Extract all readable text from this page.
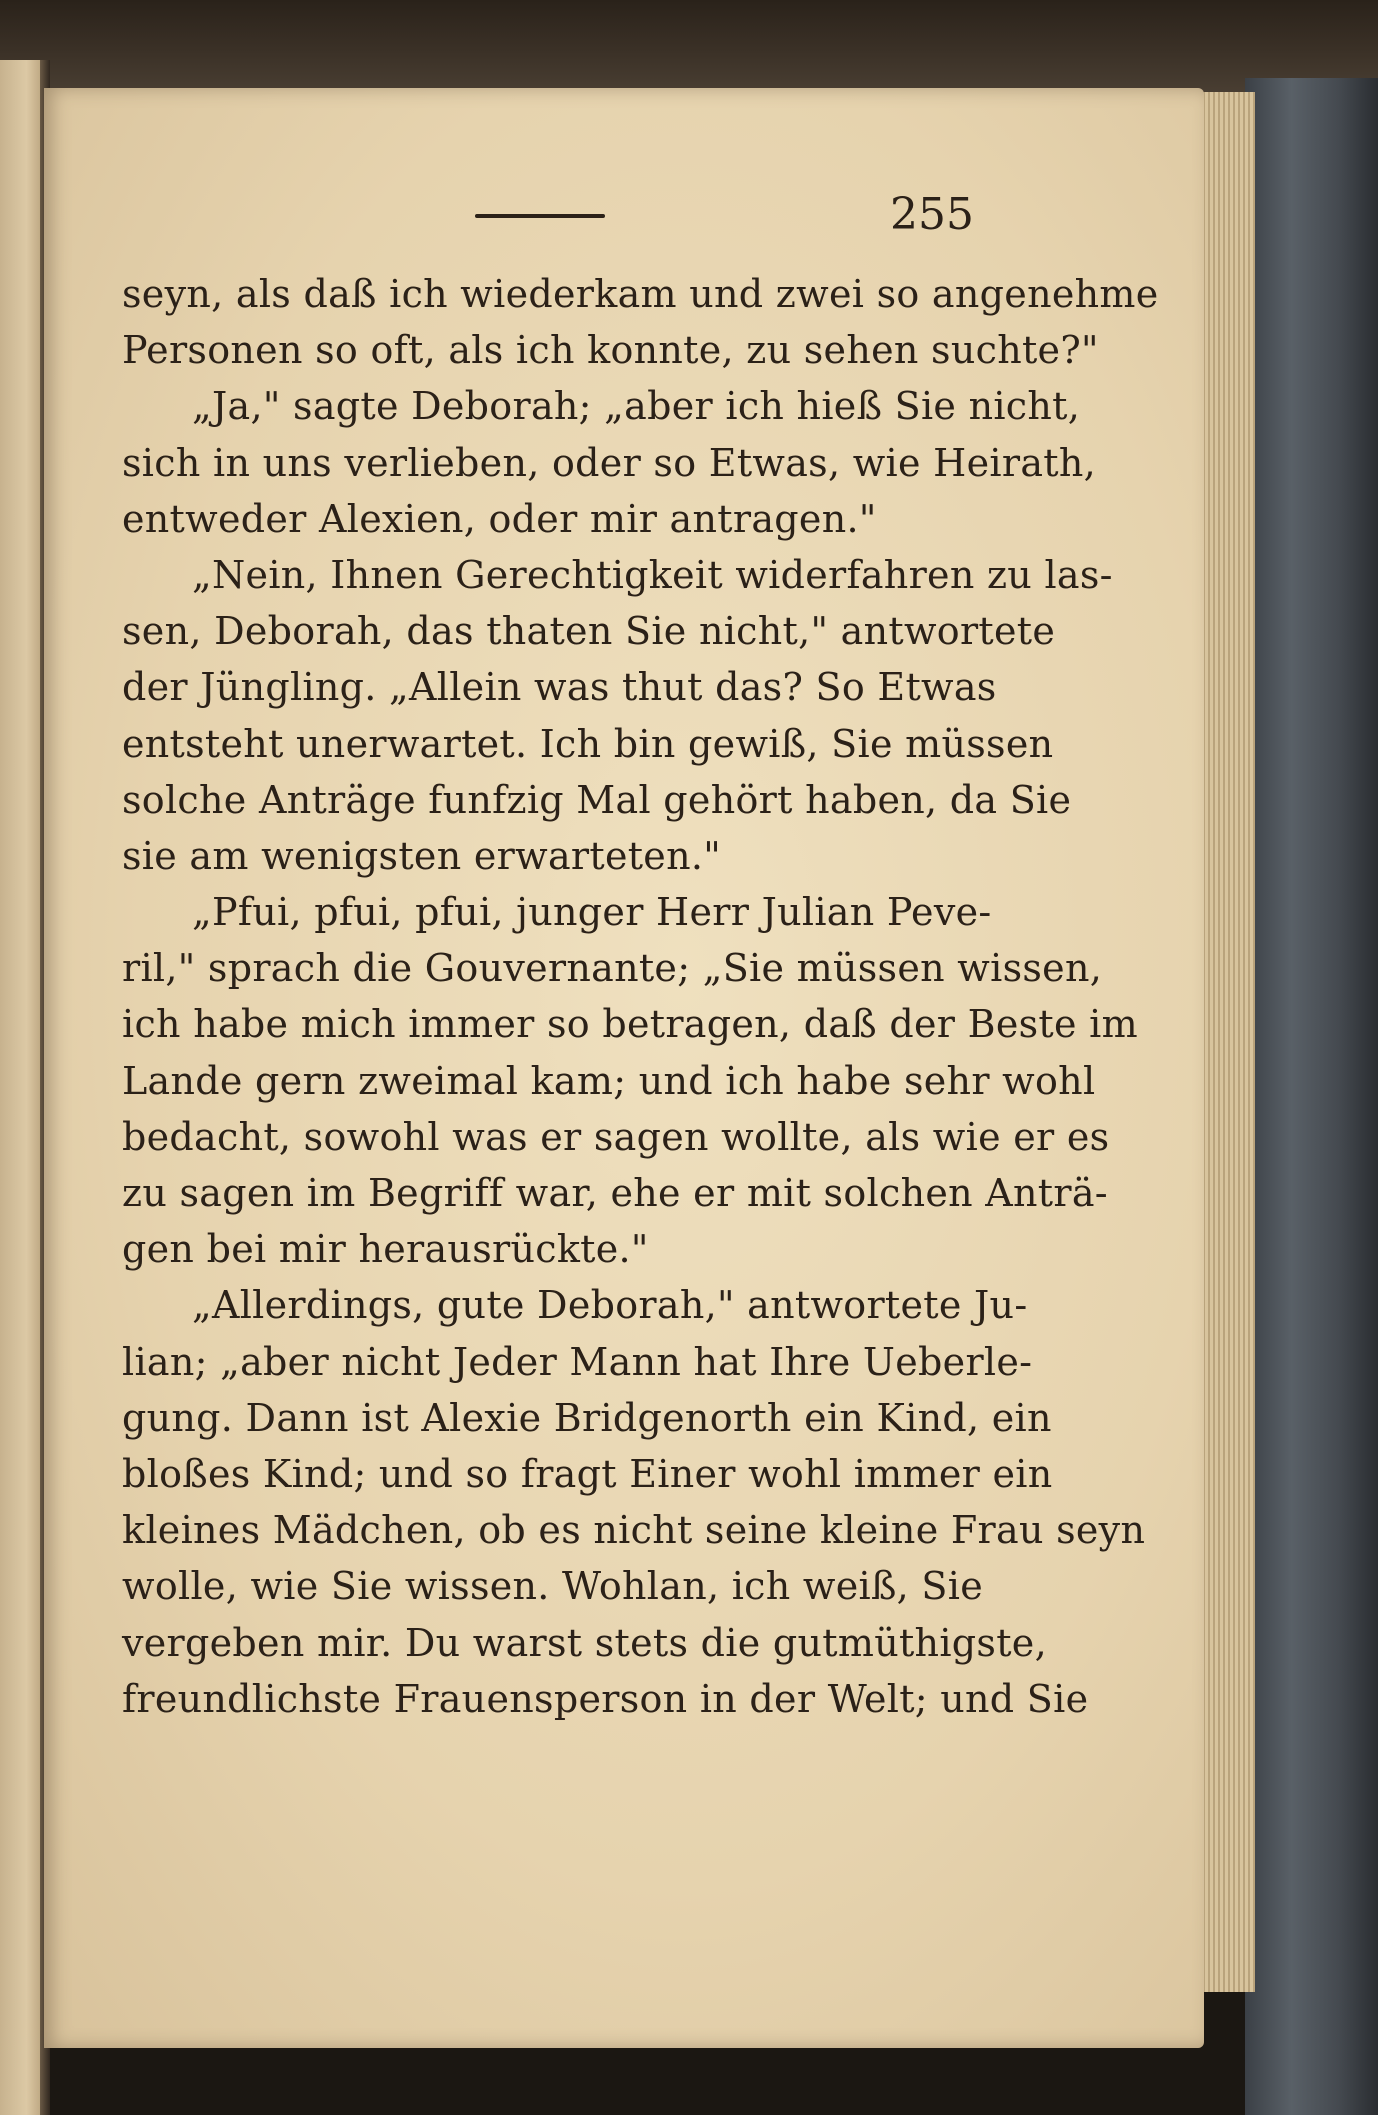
255
seyn, als daß ich wiederkam und zwei so angenehme
Personen so oft, als ich konnte, zu sehen suchte?"
„Ja," sagte Deborah; „aber ich hieß Sie nicht,
sich in uns verlieben, oder so Etwas, wie Heirath,
entweder Alexien, oder mir antragen."
„Nein, Ihnen Gerechtigkeit widerfahren zu las-
sen, Deborah, das thaten Sie nicht," antwortete
der Jüngling. „Allein was thut das? So Etwas
entsteht unerwartet. Ich bin gewiß, Sie müssen
solche Anträge funfzig Mal gehört haben, da Sie
sie am wenigsten erwarteten."
„Pfui, pfui, pfui, junger Herr Julian Peve-
ril," sprach die Gouvernante; „Sie müssen wissen,
ich habe mich immer so betragen, daß der Beste im
Lande gern zweimal kam; und ich habe sehr wohl
bedacht, sowohl was er sagen wollte, als wie er es
zu sagen im Begriff war, ehe er mit solchen Anträ-
gen bei mir herausrückte."
„Allerdings, gute Deborah," antwortete Ju-
lian; „aber nicht Jeder Mann hat Ihre Ueberle-
gung. Dann ist Alexie Bridgenorth ein Kind, ein
bloßes Kind; und so fragt Einer wohl immer ein
kleines Mädchen, ob es nicht seine kleine Frau seyn
wolle, wie Sie wissen. Wohlan, ich weiß, Sie
vergeben mir. Du warst stets die gutmüthigste,
freundlichste Frauensperson in der Welt; und Sie
